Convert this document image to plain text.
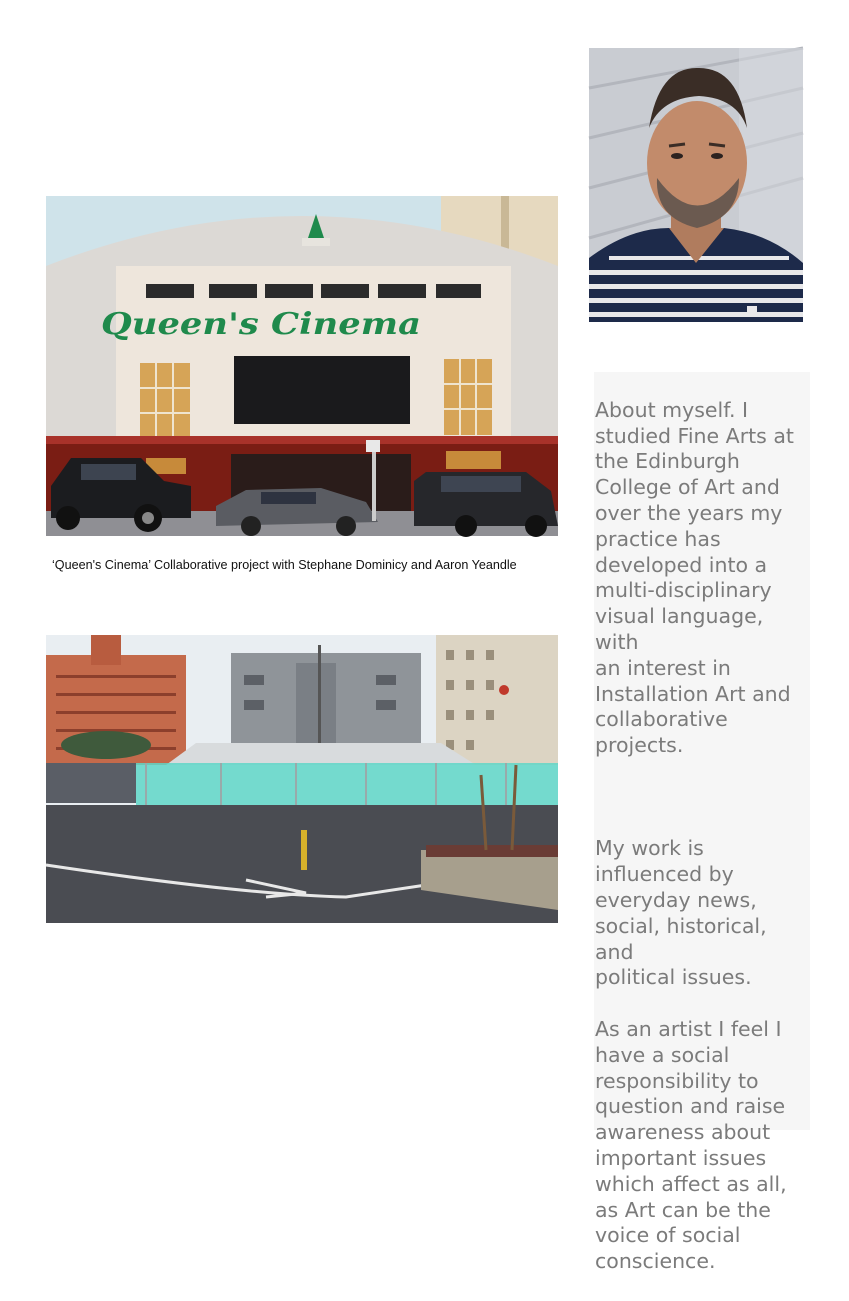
Queen's Cinema
‘Queen's Cinema’ Collaborative project with Stephane Dominicy and Aaron Yeandle

About myself. I
studied Fine Arts at
the Edinburgh
College of Art and
over the years my
practice has
developed into a
multi-disciplinary
visual language, with
an interest in
Installation Art and
collaborative
projects.

My work is
influenced by
everyday news,
social, historical, and
political issues.

As an artist I feel I
have a social
responsibility to
question and raise
awareness about
important issues
which affect as all,
as Art can be the
voice of social
conscience.
